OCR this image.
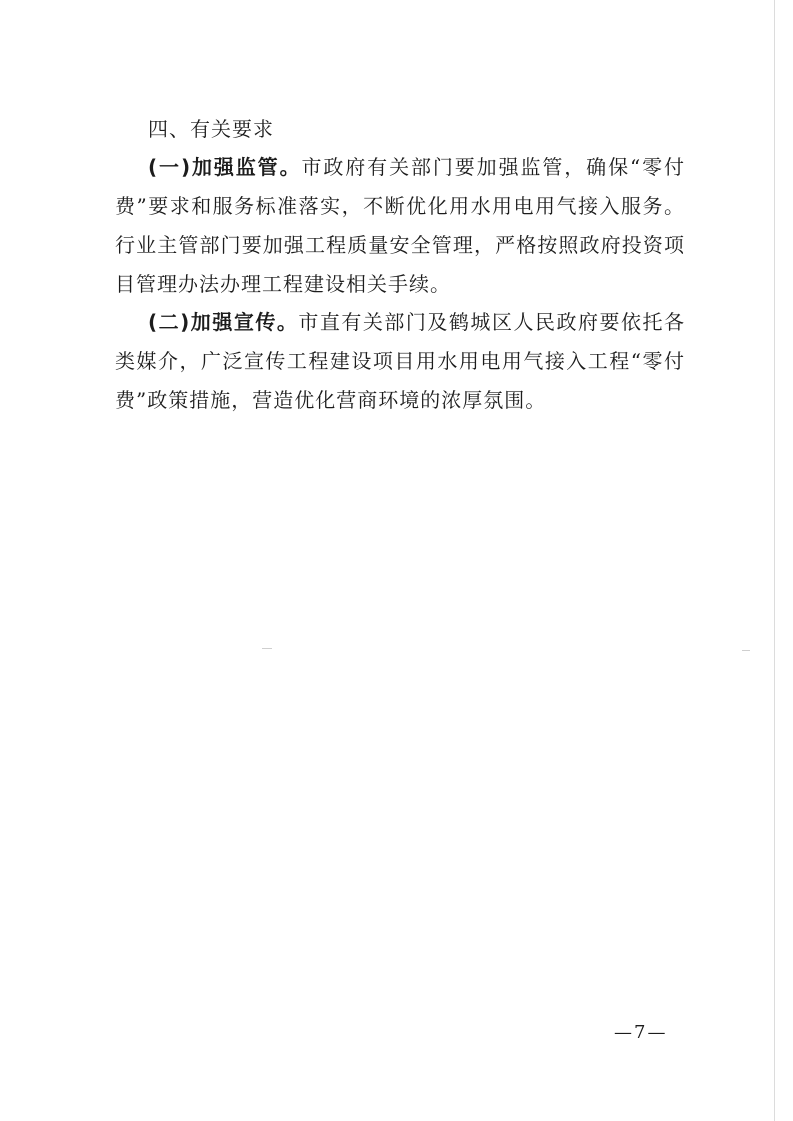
四、有关要求
(一)加强监管。市政府有关部门要加强监管，确保“零付费”要求和服务标准落实，不断优化用水用电用气接入服务。行业主管部门要加强工程质量安全管理，严格按照政府投资项目管理办法办理工程建设相关手续。
(二)加强宣传。市直有关部门及鹤城区人民政府要依托各类媒介，广泛宣传工程建设项目用水用电用气接入工程“零付费”政策措施，营造优化营商环境的浓厚氛围。
—7—
